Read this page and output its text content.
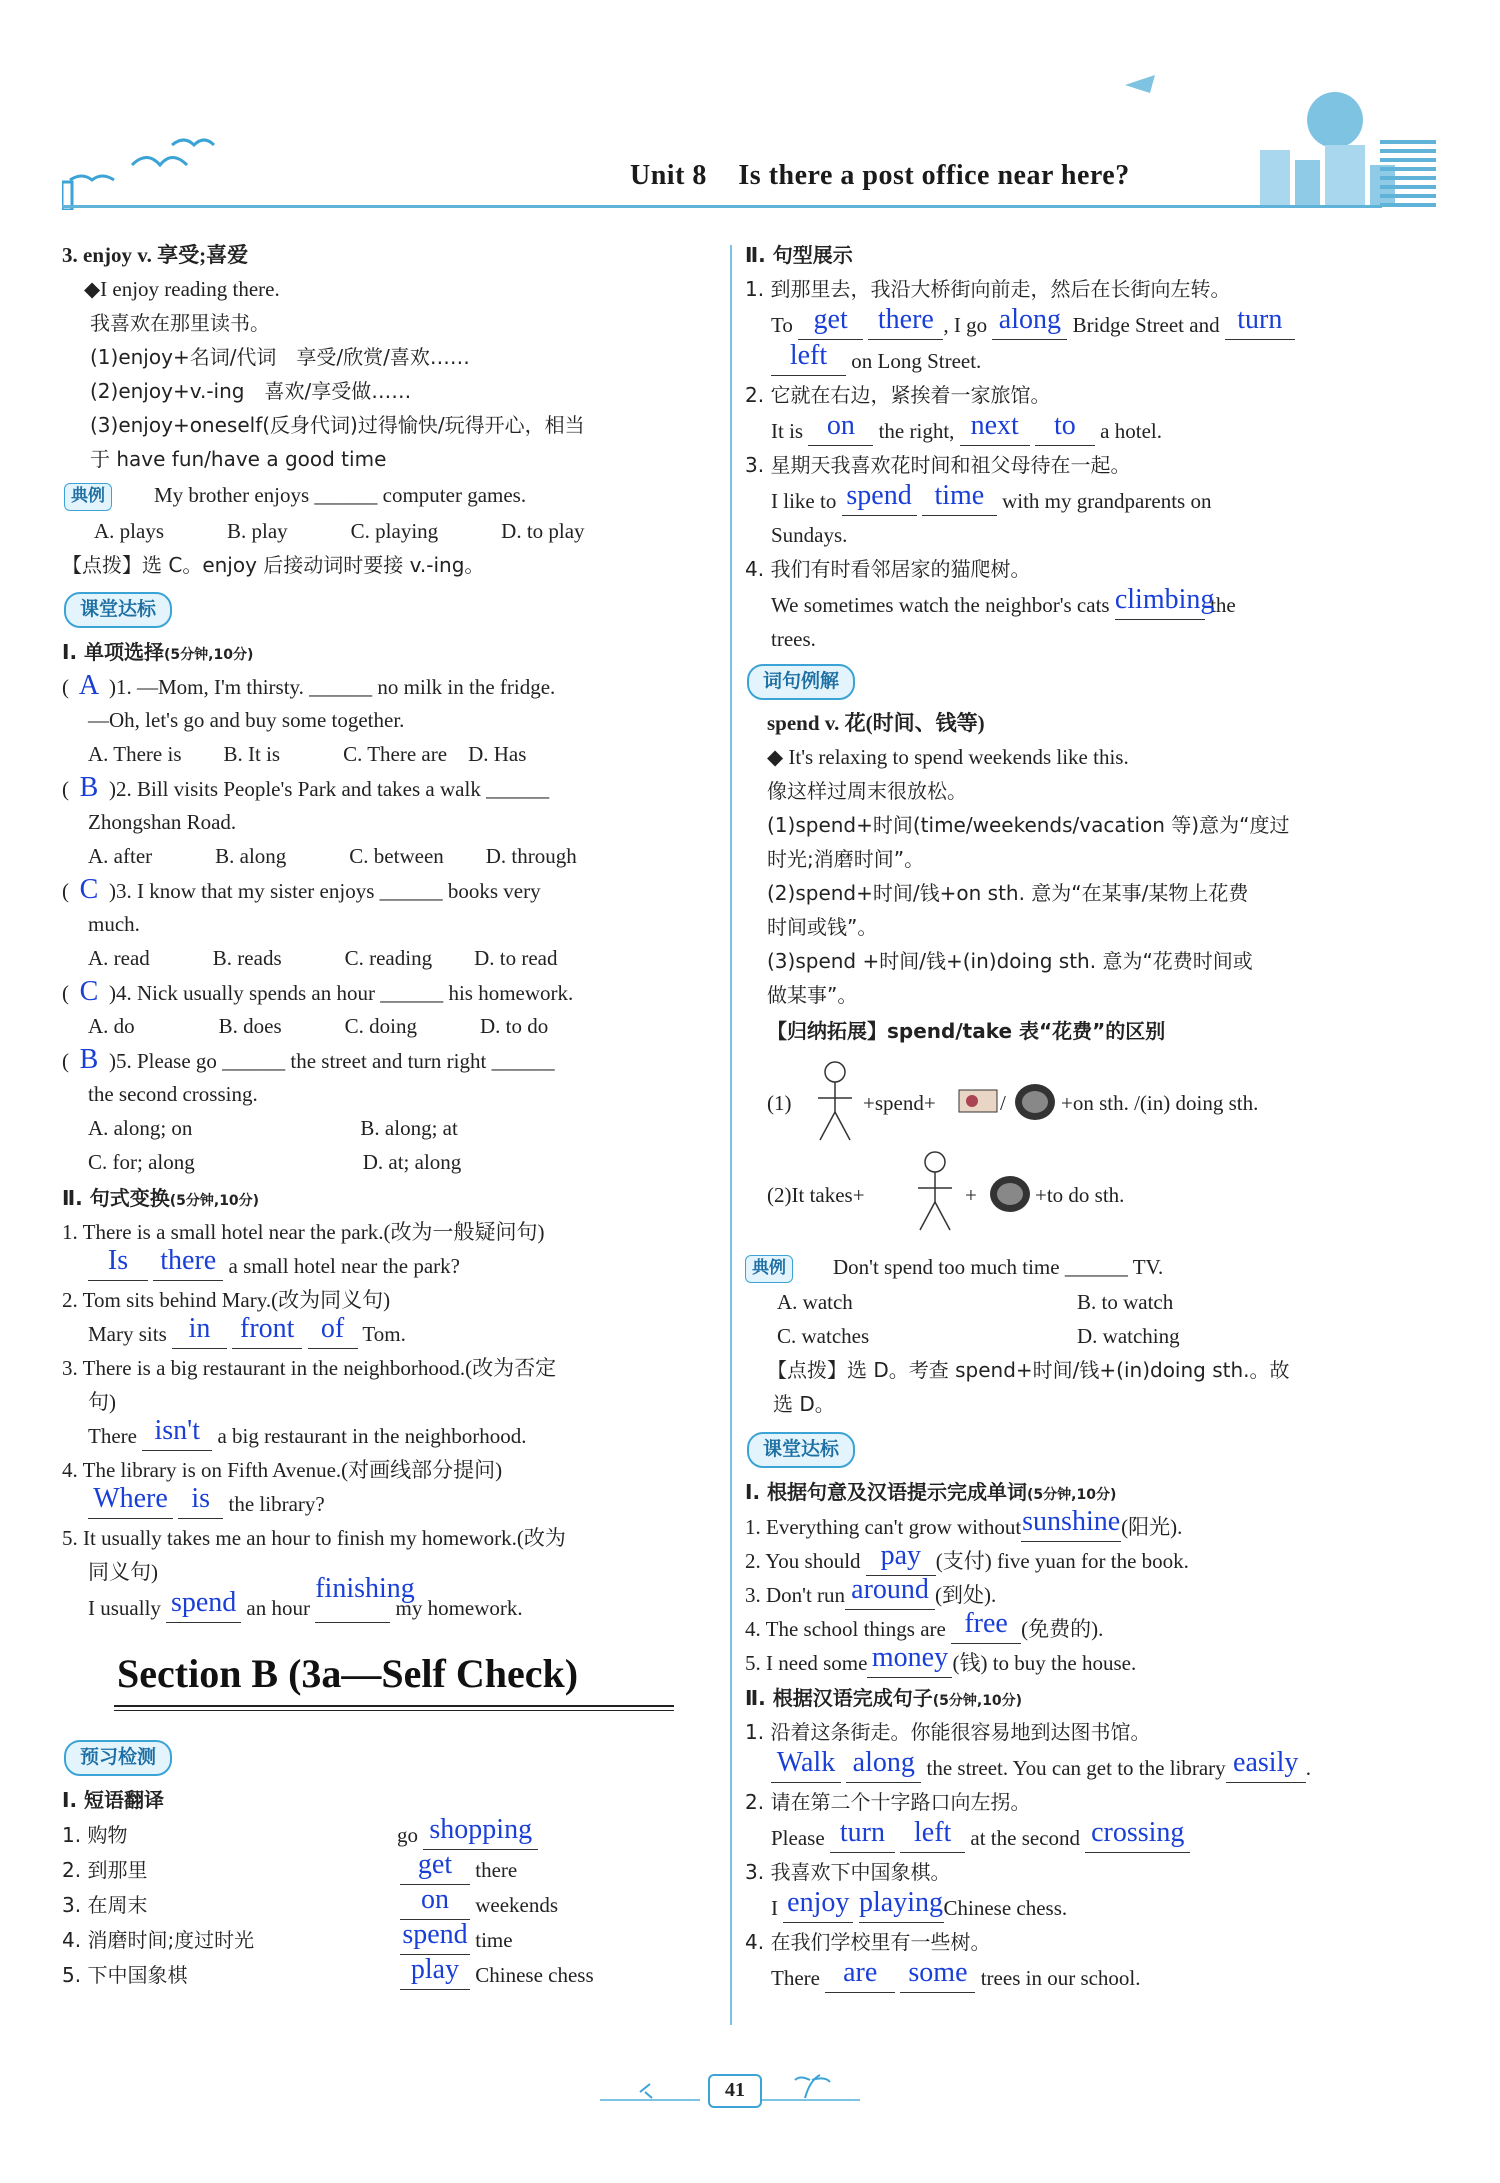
Unit 8 Is there a post office near here?
3. enjoy v. 享受;喜爱
◆I enjoy reading there.
我喜欢在那里读书。
(1)enjoy+名词/代词　享受/欣赏/喜欢……
(2)enjoy+v.-ing　喜欢/享受做……
(3)enjoy+oneself(反身代词)过得愉快/玩得开心，相当
于 have fun/have a good time
典例	My brother enjoys ______ computer games.
A. plays　　　B. play　　　C. playing　　　D. to play
【点拨】选 C。enjoy 后接动词时要接 v.-ing。
课堂达标
Ⅰ. 单项选择(5分钟,10分)
( A )1. —Mom, I'm thirsty. ______ no milk in the fridge.
—Oh, let's go and buy some together.
A. There is　　B. It is　　　C. There are　D. Has
( B )2. Bill visits People's Park and takes a walk ______
Zhongshan Road.
A. after　　　B. along　　　C. between　　D. through
( C )3. I know that my sister enjoys ______ books very
much.
A. read　　　B. reads　　　C. reading　　D. to read
( C )4. Nick usually spends an hour ______ his homework.
A. do　　　　B. does　　　C. doing　　　D. to do
( B )5. Please go ______ the street and turn right ______
the second crossing.
A. along; on　　　　　　　　B. along; at
C. for; along　　　　　　　　D. at; along
Ⅱ. 句式变换(5分钟,10分)
1. There is a small hotel near the park.(改为一般疑问句)
Is there a small hotel near the park?
2. Tom sits behind Mary.(改为同义句)
Mary sits in front of Tom.
3. There is a big restaurant in the neighborhood.(改为否定
句)
There isn't a big restaurant in the neighborhood.
4. The library is on Fifth Avenue.(对画线部分提问)
Where is the library?
5. It usually takes me an hour to finish my homework.(改为
同义句)
I usually spend an hour finishing my homework.
Section B (3a—Self Check)
预习检测
Ⅰ. 短语翻译
1. 购物	go shopping
2. 到那里	get there
3. 在周末	on weekends
4. 消磨时间;度过时光	spend time
5. 下中国象棋	play Chinese chess
Ⅱ. 句型展示
1. 到那里去，我沿大桥街向前走，然后在长街向左转。
To get there , I go along Bridge Street and turn
left on Long Street.
2. 它就在右边，紧挨着一家旅馆。
It is on the right, next to a hotel.
3. 星期天我喜欢花时间和祖父母待在一起。
I like to spend time with my grandparents on
Sundays.
4. 我们有时看邻居家的猫爬树。
We sometimes watch the neighbor's cats climbing the
trees.
词句例解
spend v. 花(时间、钱等)
◆ It's relaxing to spend weekends like this.
像这样过周末很放松。
(1)spend+时间(time/weekends/vacation 等)意为“度过
时光;消磨时间”。
(2)spend+时间/钱+on sth. 意为“在某事/某物上花费
时间或钱”。
(3)spend +时间/钱+(in)doing sth. 意为“花费时间或
做某事”。
【归纳拓展】spend/take 表“花费”的区别
(1)	+spend+	/	+on sth. /(in) doing sth.
(2)It takes+	+	+to do sth.
典例	Don't spend too much time ______ TV.
A. watch	B. to watch
C. watches	D. watching
【点拨】选 D。考查 spend+时间/钱+(in)doing sth.。故
选 D。
课堂达标
Ⅰ. 根据句意及汉语提示完成单词(5分钟,10分)
1. Everything can't grow withoutsunshine(阳光).
2. You should pay (支付) five yuan for the book.
3. Don't run around (到处).
4. The school things are free (免费的).
5. I need some money (钱) to buy the house.
Ⅱ. 根据汉语完成句子(5分钟,10分)
1. 沿着这条街走。你能很容易地到达图书馆。
Walk along the street. You can get to the library easily .
2. 请在第二个十字路口向左拐。
Please turn left at the second crossing
3. 我喜欢下中国象棋。
I enjoy playingChinese chess.
4. 在我们学校里有一些树。
There are some trees in our school.
41
